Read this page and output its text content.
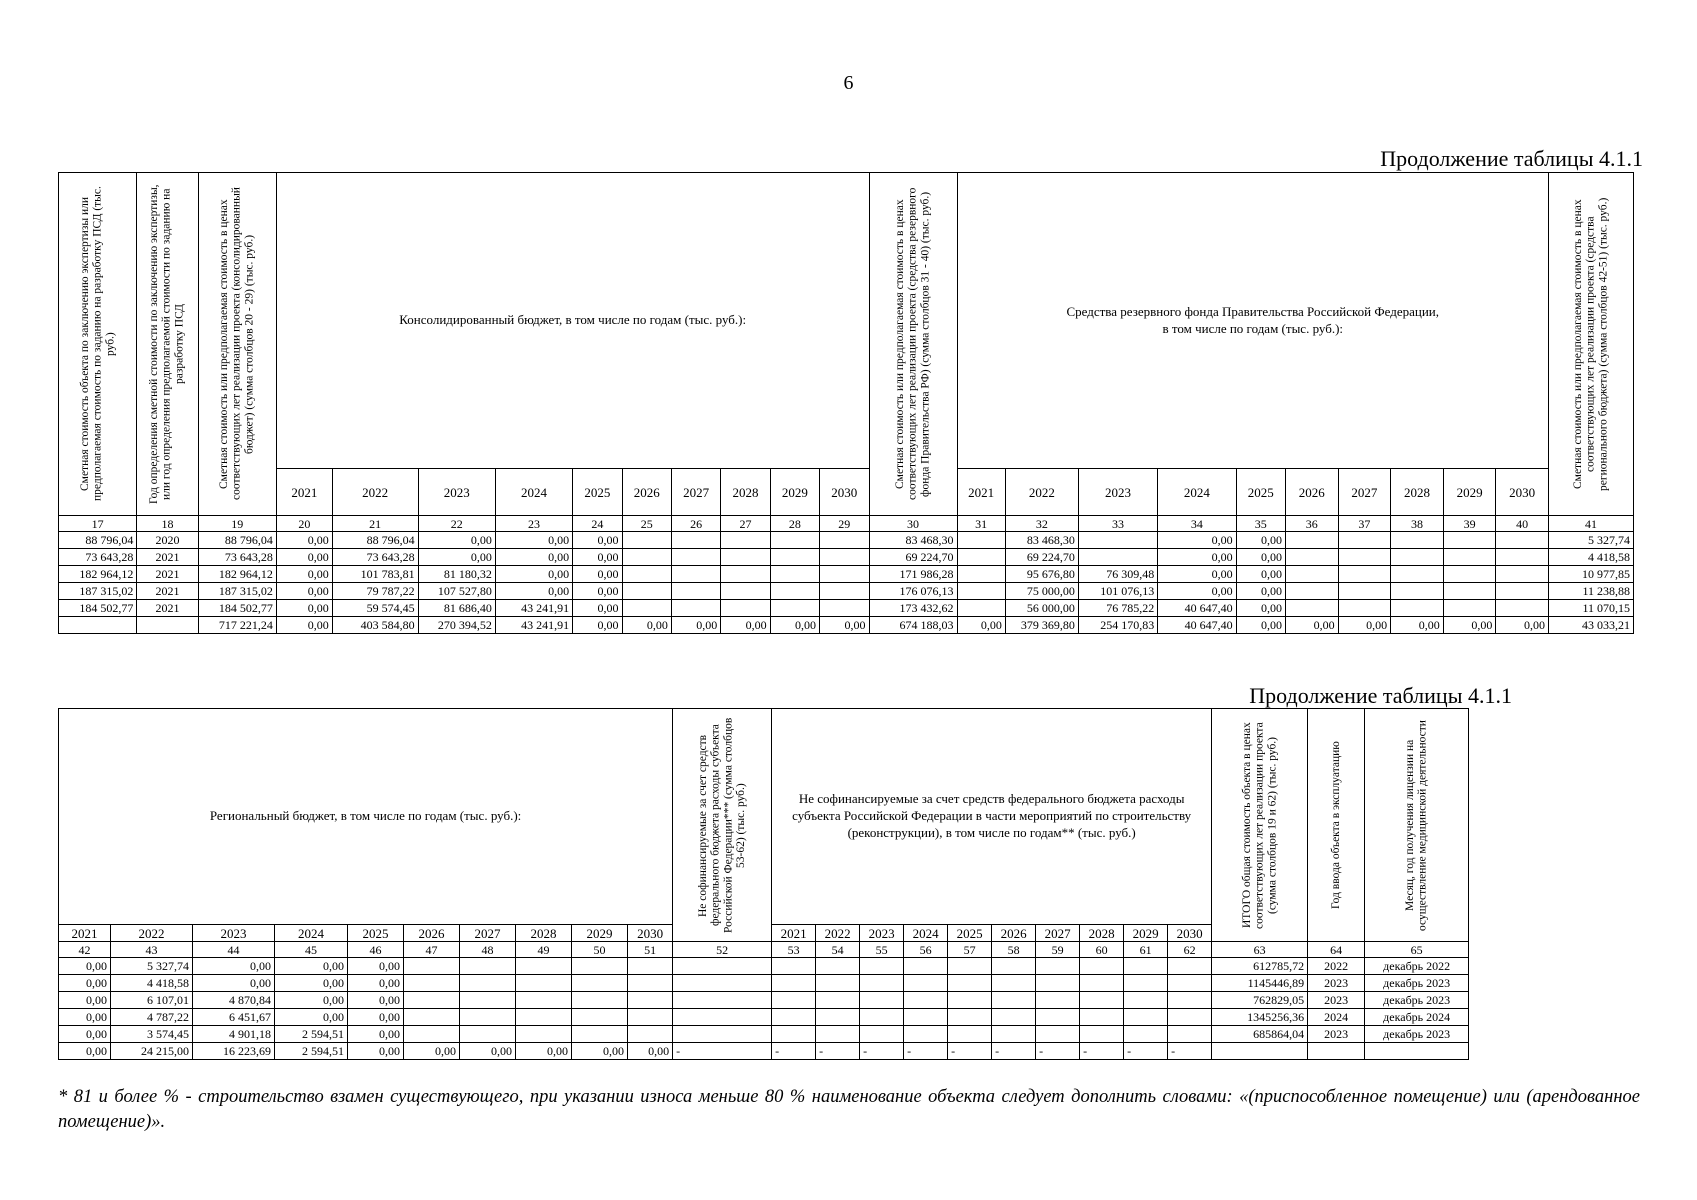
6
Продолжение таблицы 4.1.1
Сметная стоимость объекта по заключению экспертизы или предполагаемая стоимость по заданию на разработку ПСД (тыс. руб.)	Год определения сметной стоимости по заключению экспертизы, или год определения предполагаемой стоимости по заданию на разработку ПСД	Сметная стоимость или предполагаемая стоимость в ценах соответствующих лет реализации проекта (консолидированный бюджет) (сумма столбцов 20 - 29) (тыс. руб.)	Консолидированный бюджет, в том числе по годам (тыс. руб.):										Сметная стоимость или предполагаемая стоимость в ценах соответствующих лет реализации проекта (средства резервного фонда Правительства РФ) (сумма столбцов 31 - 40) (тыс. руб.)	Средства резервного фонда Правительства Российской Федерации,
в том числе по годам (тыс. руб.):										Сметная стоимость или предполагаемая стоимость в ценах соответствующих лет реализации проекта (средства регионального бюджета) (сумма столбцов 42-51) (тыс. руб.)

			2021	2022	2023	2024	2025	2026	2027	2028	2029	2030		2021	2022	2023	2024	2025	2026	2027	2028	2029	2030	
17	18	19	20	21	22	23	24	25	26	27	28	29	30	31	32	33	34	35	36	37	38	39	40	41
88 796,04	2020	88 796,04	0,00	88 796,04	0,00	0,00	0,00						83 468,30		83 468,30		0,00	0,00						5 327,74
73 643,28	2021	73 643,28	0,00	73 643,28	0,00	0,00	0,00						69 224,70		69 224,70		0,00	0,00						4 418,58
182 964,12	2021	182 964,12	0,00	101 783,81	81 180,32	0,00	0,00						171 986,28		95 676,80	76 309,48	0,00	0,00						10 977,85
187 315,02	2021	187 315,02	0,00	79 787,22	107 527,80	0,00	0,00						176 076,13		75 000,00	101 076,13	0,00	0,00						11 238,88
184 502,77	2021	184 502,77	0,00	59 574,45	81 686,40	43 241,91	0,00						173 432,62		56 000,00	76 785,22	40 647,40	0,00						11 070,15
		717 221,24	0,00	403 584,80	270 394,52	43 241,91	0,00	0,00	0,00	0,00	0,00	0,00	674 188,03	0,00	379 369,80	254 170,83	40 647,40	0,00	0,00	0,00	0,00	0,00	0,00	43 033,21
Продолжение таблицы 4.1.1
Региональный бюджет, в том числе по годам (тыс. руб.):										Не софинансируемые за счет средств федерального бюджета расходы субъекта Российской Федерации*** (сумма столбцов 53-62) (тыс. руб.)	Не софинансируемые за счет средств федерального бюджета расходы субъекта Российской Федерации в части мероприятий по строительству (реконструкции), в том числе по годам** (тыс. руб.)										ИТОГО общая стоимость объекта в ценах соответствующих лет реализации проекта (сумма столбцов 19 и 62) (тыс. руб.)	Год ввода объекта в эксплуатацию	Месяц, год получения лицензии на осуществление медицинской деятельности

2021	2022	2023	2024	2025	2026	2027	2028	2029	2030		2021	2022	2023	2024	2025	2026	2027	2028	2029	2030			
42	43	44	45	46	47	48	49	50	51	52	53	54	55	56	57	58	59	60	61	62	63	64	65
0,00	5 327,74	0,00	0,00	0,00																	612785,72	2022	декабрь 2022
0,00	4 418,58	0,00	0,00	0,00																	1145446,89	2023	декабрь 2023
0,00	6 107,01	4 870,84	0,00	0,00																	762829,05	2023	декабрь 2023
0,00	4 787,22	6 451,67	0,00	0,00																	1345256,36	2024	декабрь 2024
0,00	3 574,45	4 901,18	2 594,51	0,00																	685864,04	2023	декабрь 2023
0,00	24 215,00	16 223,69	2 594,51	0,00	0,00	0,00	0,00	0,00	0,00	-	-	-	-	-	-	-	-	-	-	-			
* 81 и более % - строительство взамен существующего, при указании износа меньше 80 % наименование объекта следует дополнить словами: «(приспособленное помещение) или (арендованное помещение)».
